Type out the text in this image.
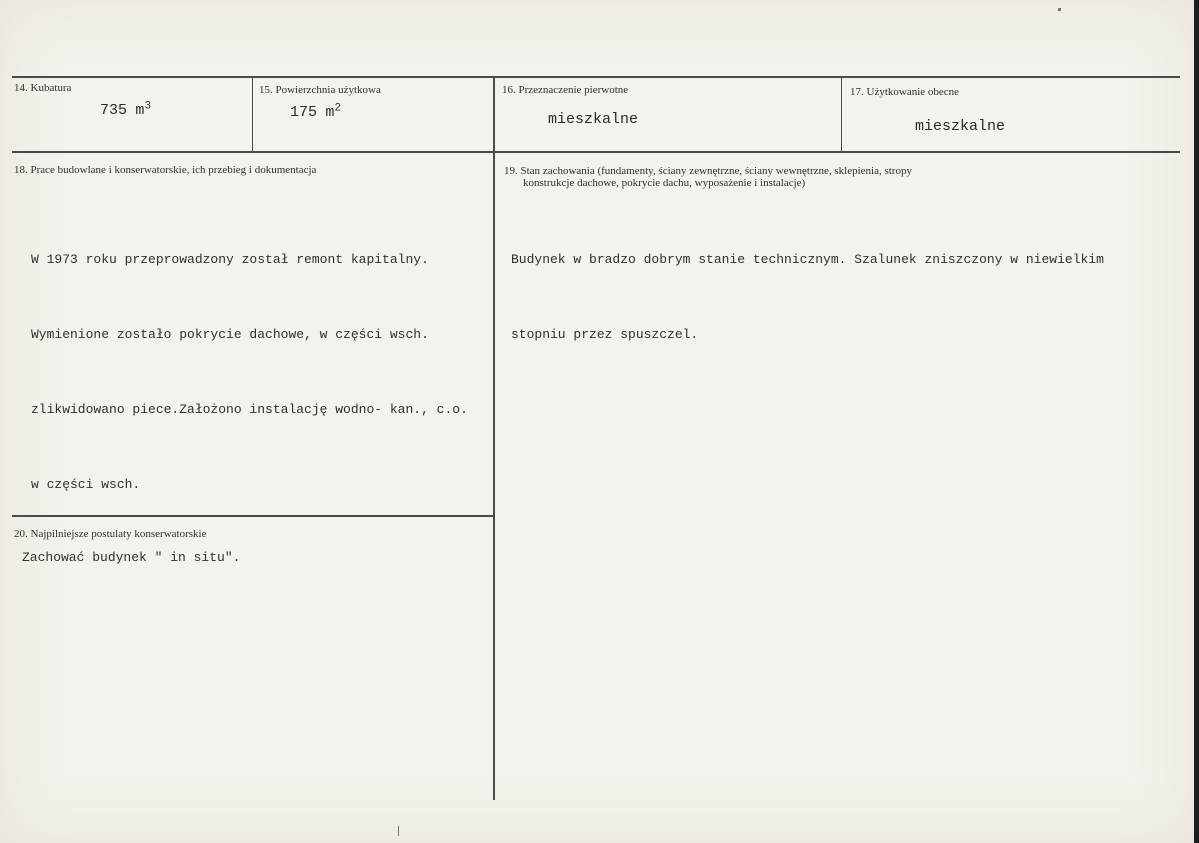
14. Kubatura
735 $m^3$
15. Powierzchnia użytkowa
175 $m^2$
16. Przeznaczenie pierwotne
mieszkalne
17. Użytkowanie obecne
mieszkalne
18. Prace budowlane i konserwatorskie, ich przebieg i dokumentacja

W 1973 roku przeprowadzony został remont kapitalny.

Wymienione zostało pokrycie dachowe, w części wsch.

zlikwidowano piece.Założono instalację wodno- kan., c.o.

w części wsch.

19. Stan zachowania (fundamenty, ściany zewnętrzne, ściany wewnętrzne, sklepienia, stropy
konstrukcje dachowe, pokrycie dachu, wyposażenie i instalacje)

Budynek w bradzo dobrym stanie technicznym. Szalunek zniszczony w niewielkim

stopniu przez spuszczel.

20. Najpilniejsze postulaty konserwatorskie
Zachować budynek " in situ".
